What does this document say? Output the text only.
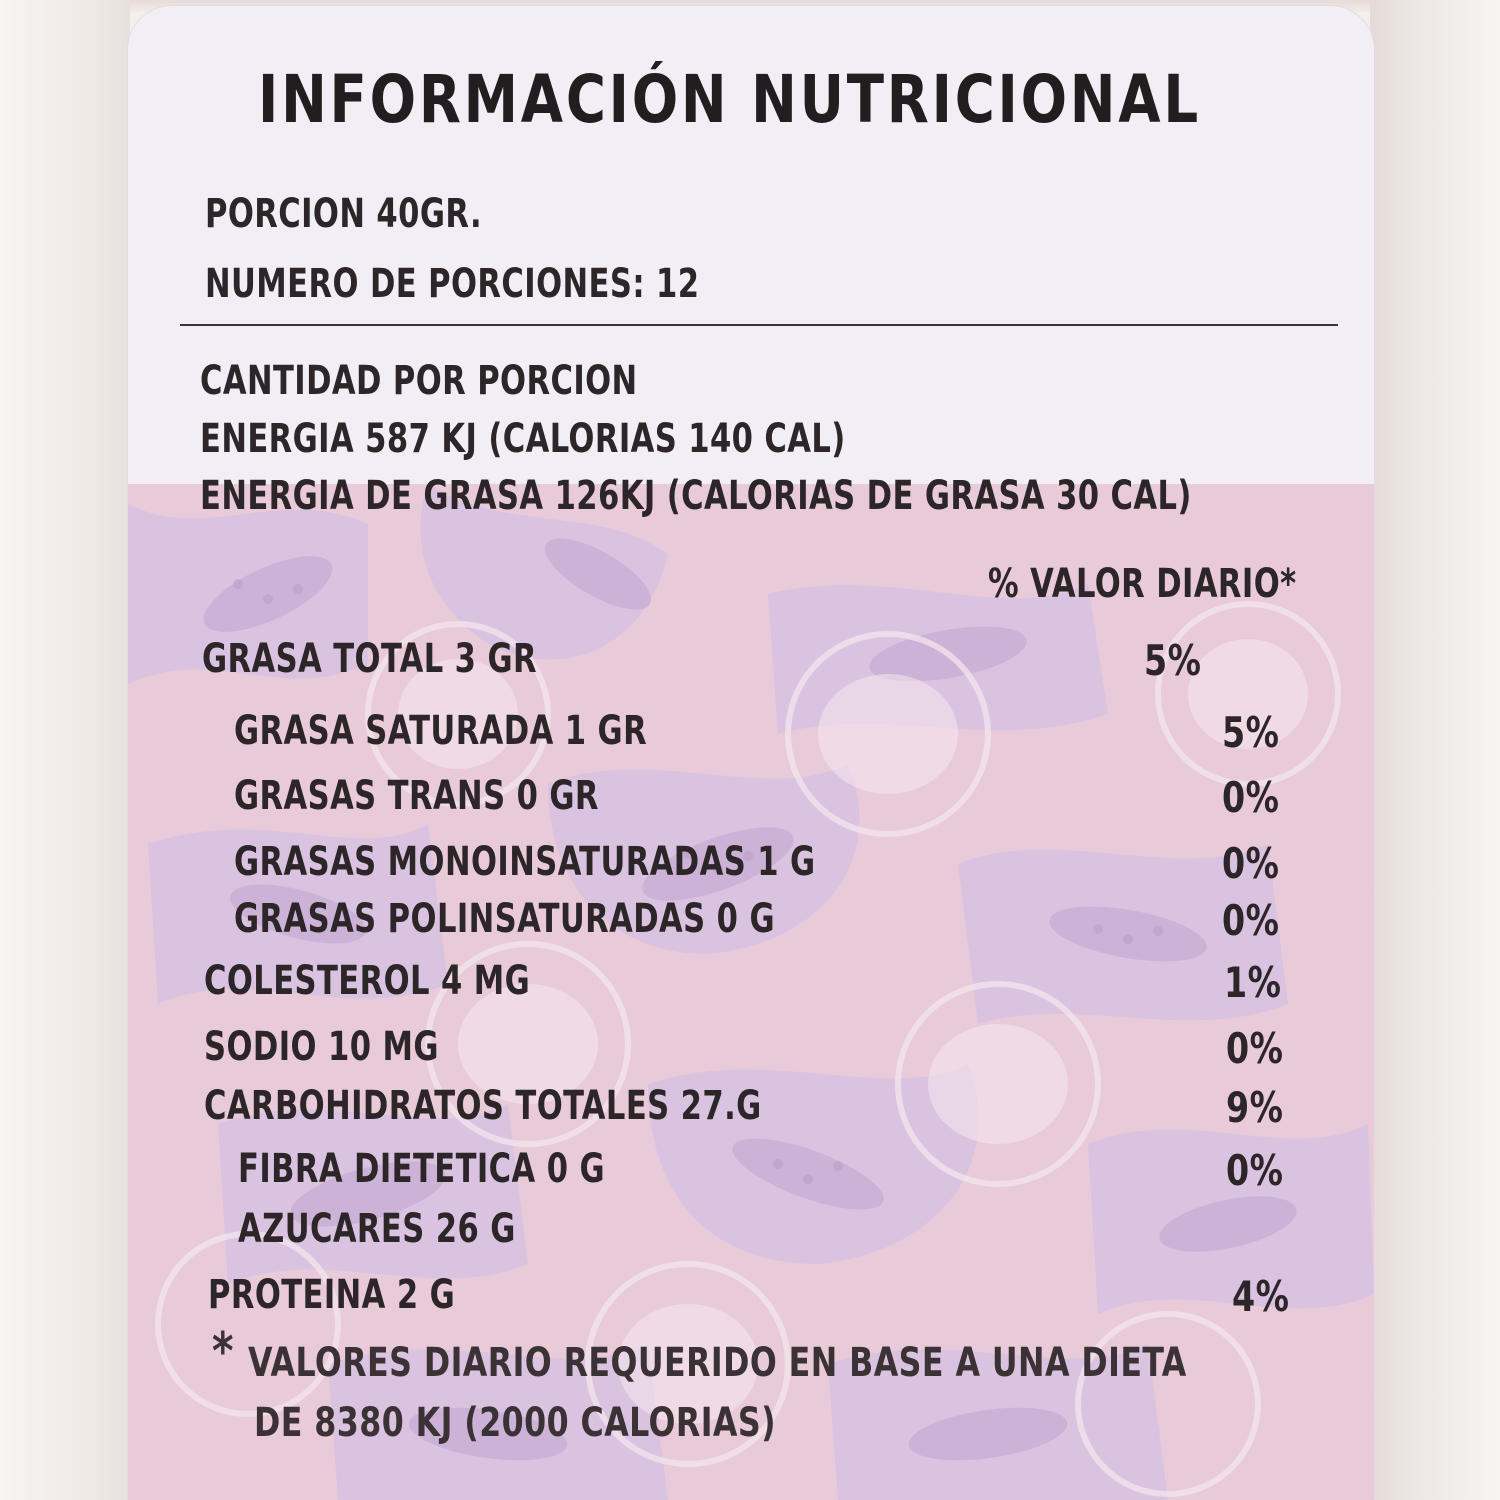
INFORMACIÓN NUTRICIONAL
PORCION 40GR.
NUMERO DE PORCIONES: 12
CANTIDAD POR PORCION
ENERGIA 587 KJ (CALORIAS 140 CAL)
ENERGIA DE GRASA 126KJ (CALORIAS DE GRASA 30 CAL)
% VALOR DIARIO*
GRASA TOTAL 3 GR	5%
GRASA SATURADA 1 GR	5%
GRASAS TRANS 0 GR	0%
GRASAS MONOINSATURADAS 1 G	0%
GRASAS POLINSATURADAS 0 G	0%
COLESTEROL 4 MG	1%
SODIO 10 MG	0%
CARBOHIDRATOS TOTALES 27.G	9%
FIBRA DIETETICA 0 G	0%
AZUCARES 26 G
PROTEINA 2 G	4%
* VALORES DIARIO REQUERIDO EN BASE A UNA DIETA
DE 8380 KJ (2000 CALORIAS)
